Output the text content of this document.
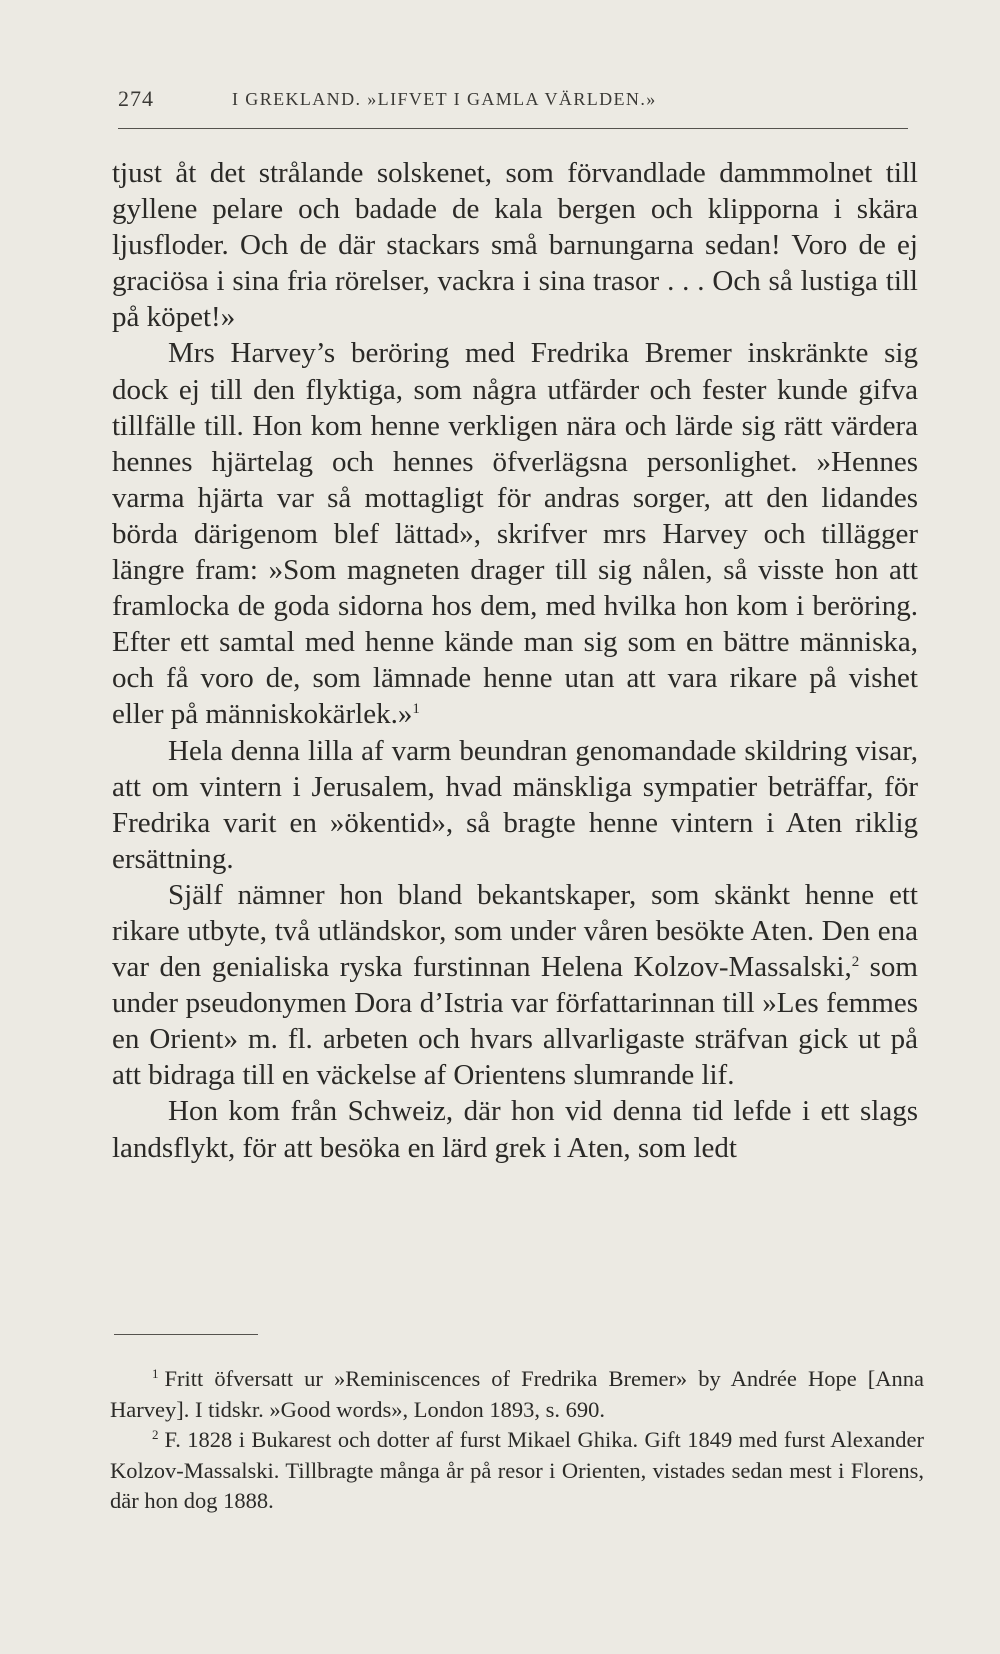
274	I GREKLAND. »LIFVET I GAMLA VÄRLDEN.»

tjust åt det strålande solskenet, som förvandlade dammmolnet till gyllene pelare och badade de kala bergen och klipporna i skära ljusfloder. Och de där stackars små barnungarna sedan! Voro de ej graciösa i sina fria rörelser, vackra i sina trasor . . . Och så lustiga till på köpet!»

Mrs Harvey’s beröring med Fredrika Bremer inskränkte sig dock ej till den flyktiga, som några utfärder och fester kunde gifva tillfälle till. Hon kom henne verkligen nära och lärde sig rätt värdera hennes hjärtelag och hennes öfverlägsna personlighet. »Hennes varma hjärta var så mottagligt för andras sorger, att den lidandes börda därigenom blef lättad», skrifver mrs Harvey och tillägger längre fram: »Som magneten drager till sig nålen, så visste hon att framlocka de goda sidorna hos dem, med hvilka hon kom i beröring. Efter ett samtal med henne kände man sig som en bättre människa, och få voro de, som lämnade henne utan att vara rikare på vishet eller på människokärlek.»$^1$

Hela denna lilla af varm beundran genomandade skildring visar, att om vintern i Jerusalem, hvad mänskliga sympatier beträffar, för Fredrika varit en »ökentid», så bragte henne vintern i Aten riklig ersättning.

Själf nämner hon bland bekantskaper, som skänkt henne ett rikare utbyte, två utländskor, som under våren besökte Aten. Den ena var den genialiska ryska furstinnan Helena Kolzov-Massalski,$^2$ som under pseudonymen Dora d’Istria var författarinnan till »Les femmes en Orient» m. fl. arbeten och hvars allvarligaste sträfvan gick ut på att bidraga till en väckelse af Orientens slumrande lif.

Hon kom från Schweiz, där hon vid denna tid lefde i ett slags landsflykt, för att besöka en lärd grek i Aten, som ledt

$^1$ Fritt öfversatt ur »Reminiscences of Fredrika Bremer» by Andrée Hope [Anna Harvey]. I tidskr. »Good words», London 1893, s. 690.

$^2$ F. 1828 i Bukarest och dotter af furst Mikael Ghika. Gift 1849 med furst Alexander Kolzov-Massalski. Tillbragte många år på resor i Orienten, vistades sedan mest i Florens, där hon dog 1888.
